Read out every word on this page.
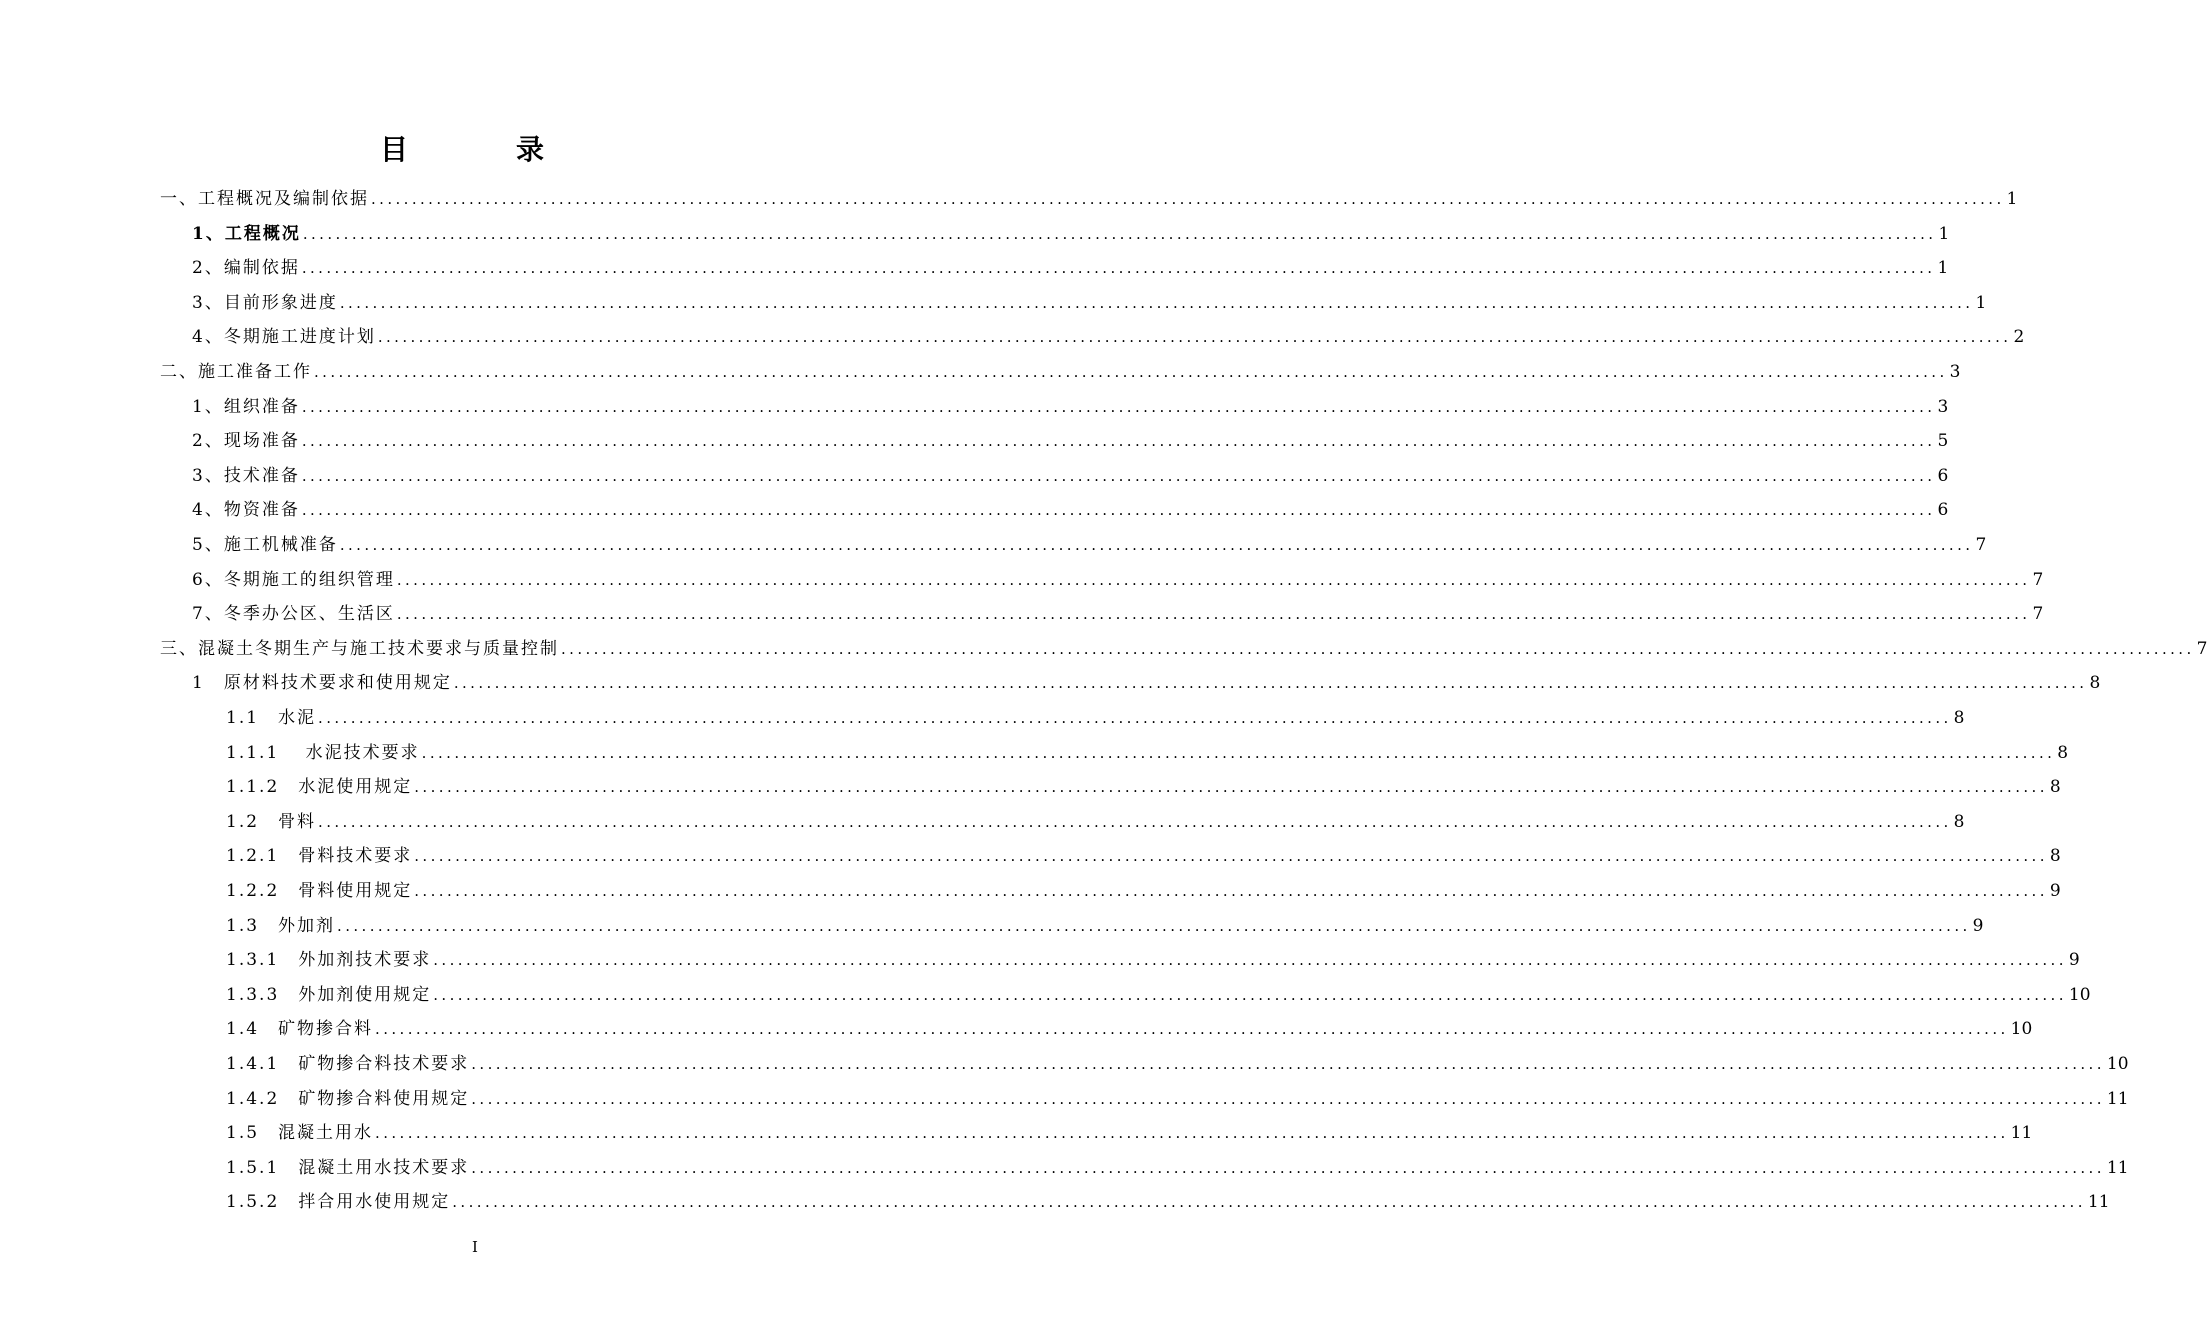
目　录
一、工程概况及编制依据 ........................................................................................................................................................................................................ 1
1、工程概况 ........................................................................................................................................................................................................ 1
2、编制依据 ........................................................................................................................................................................................................ 1
3、目前形象进度 ........................................................................................................................................................................................................ 1
4、冬期施工进度计划 ........................................................................................................................................................................................................ 2
二、施工准备工作 ........................................................................................................................................................................................................ 3
1、组织准备 ........................................................................................................................................................................................................ 3
2、现场准备 ........................................................................................................................................................................................................ 5
3、技术准备 ........................................................................................................................................................................................................ 6
4、物资准备 ........................................................................................................................................................................................................ 6
5、施工机械准备 ........................................................................................................................................................................................................ 7
6、冬期施工的组织管理 ........................................................................................................................................................................................................ 7
7、冬季办公区、生活区 ........................................................................................................................................................................................................ 7
三、混凝土冬期生产与施工技术要求与质量控制 ........................................................................................................................................................................................................ 7
1　原材料技术要求和使用规定 ........................................................................................................................................................................................................ 8
1.1　水泥 ........................................................................................................................................................................................................ 8
1.1.1　 水泥技术要求 ........................................................................................................................................................................................................ 8
1.1.2　水泥使用规定 ........................................................................................................................................................................................................ 8
1.2　骨料 ........................................................................................................................................................................................................ 8
1.2.1　骨料技术要求 ........................................................................................................................................................................................................ 8
1.2.2　骨料使用规定 ........................................................................................................................................................................................................ 9
1.3　外加剂 ........................................................................................................................................................................................................ 9
1.3.1　外加剂技术要求 ........................................................................................................................................................................................................ 9
1.3.3　外加剂使用规定 ........................................................................................................................................................................................................ 10
1.4　矿物掺合料 ........................................................................................................................................................................................................ 10
1.4.1　矿物掺合料技术要求 ........................................................................................................................................................................................................ 10
1.4.2　矿物掺合料使用规定 ........................................................................................................................................................................................................ 11
1.5　混凝土用水 ........................................................................................................................................................................................................ 11
1.5.1　混凝土用水技术要求 ........................................................................................................................................................................................................ 11
1.5.2　拌合用水使用规定 ........................................................................................................................................................................................................ 11
I
